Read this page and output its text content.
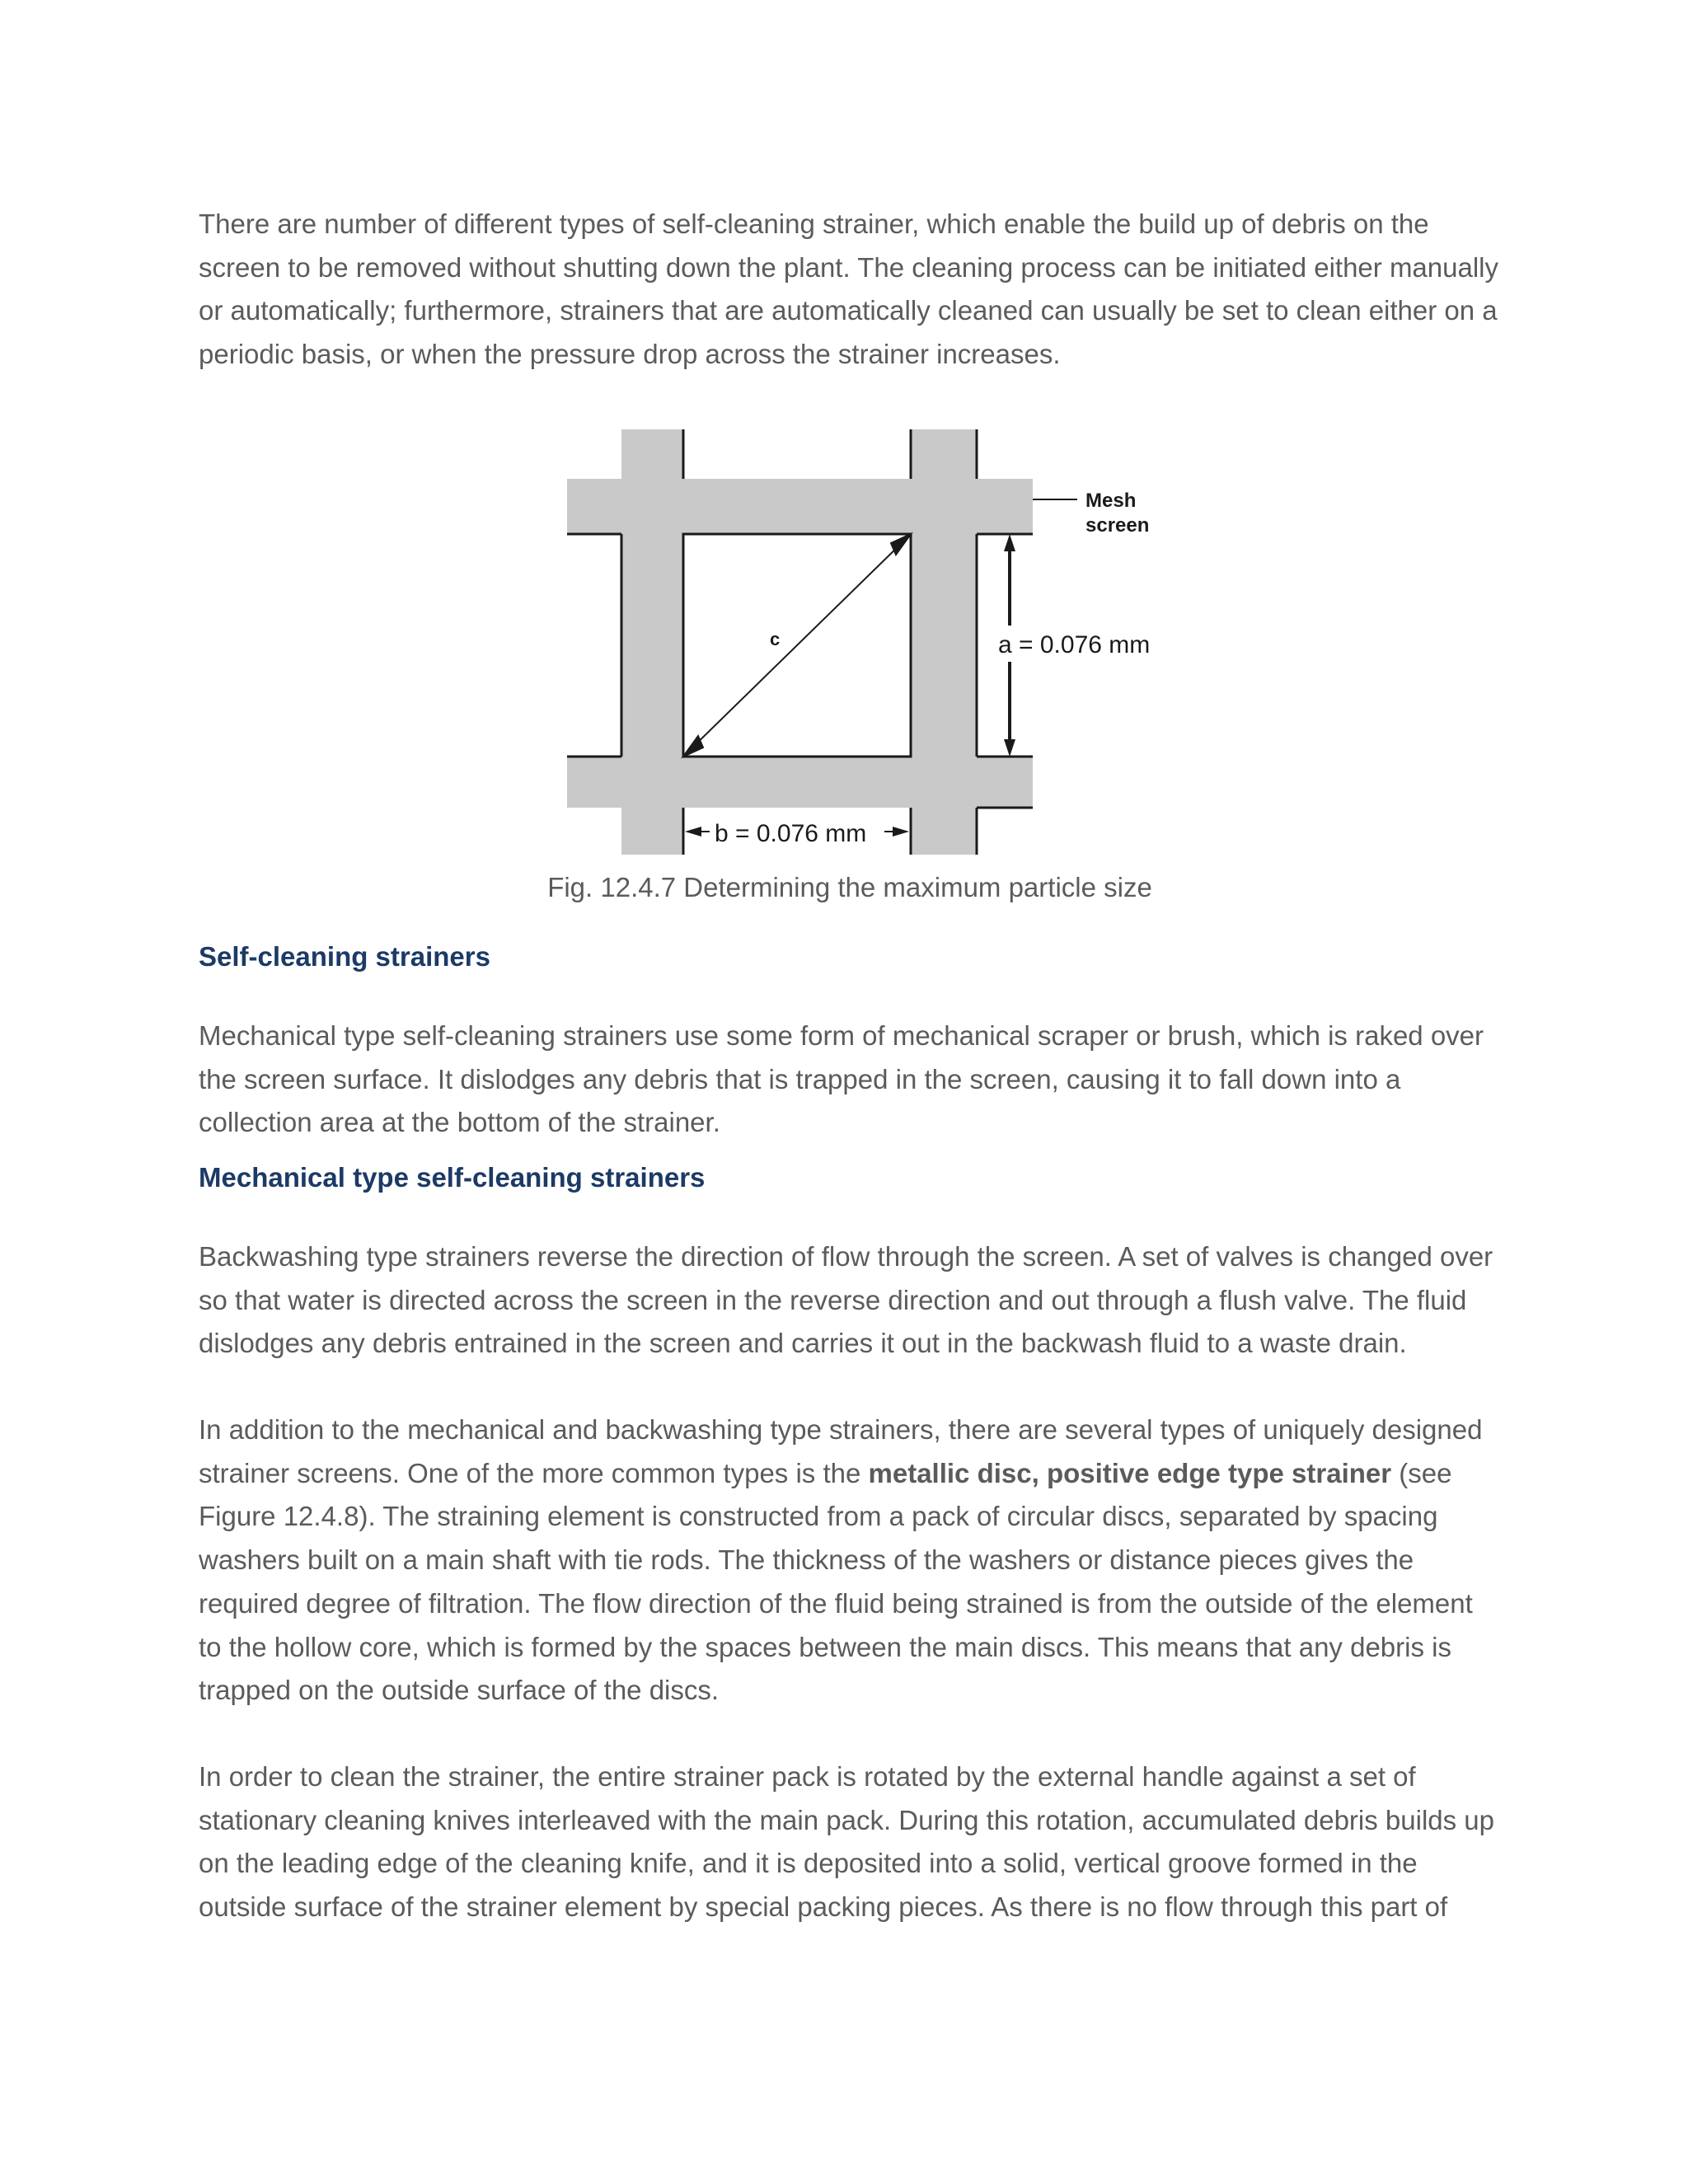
There are number of different types of self-cleaning strainer, which enable the build up of debris on the screen to be removed without shutting down the plant. The cleaning process can be initiated either manually or automatically; furthermore, strainers that are automatically cleaned can usually be set to clean either on a periodic basis, or when the pressure drop across the strainer increases.

c	a = 0.076 mm
Mesh
screen
b = 0.076 mm
Fig. 12.4.7 Determining the maximum particle size
Self-cleaning strainers

Mechanical type self-cleaning strainers use some form of mechanical scraper or brush, which is raked over the screen surface. It dislodges any debris that is trapped in the screen, causing it to fall down into a collection area at the bottom of the strainer.

Mechanical type self-cleaning strainers

Backwashing type strainers reverse the direction of flow through the screen. A set of valves is changed over so that water is directed across the screen in the reverse direction and out through a flush valve. The fluid dislodges any debris entrained in the screen and carries it out in the backwash fluid to a waste drain.

In addition to the mechanical and backwashing type strainers, there are several types of uniquely designed strainer screens. One of the more common types is the metallic disc, positive edge type strainer (see Figure 12.4.8). The straining element is constructed from a pack of circular discs, separated by spacing washers built on a main shaft with tie rods. The thickness of the washers or distance pieces gives the required degree of filtration. The flow direction of the fluid being strained is from the outside of the element to the hollow core, which is formed by the spaces between the main discs. This means that any debris is trapped on the outside surface of the discs.

In order to clean the strainer, the entire strainer pack is rotated by the external handle against a set of stationary cleaning knives interleaved with the main pack. During this rotation, accumulated debris builds up on the leading edge of the cleaning knife, and it is deposited into a solid, vertical groove formed in the outside surface of the strainer element by special packing pieces. As there is no flow through this part of
